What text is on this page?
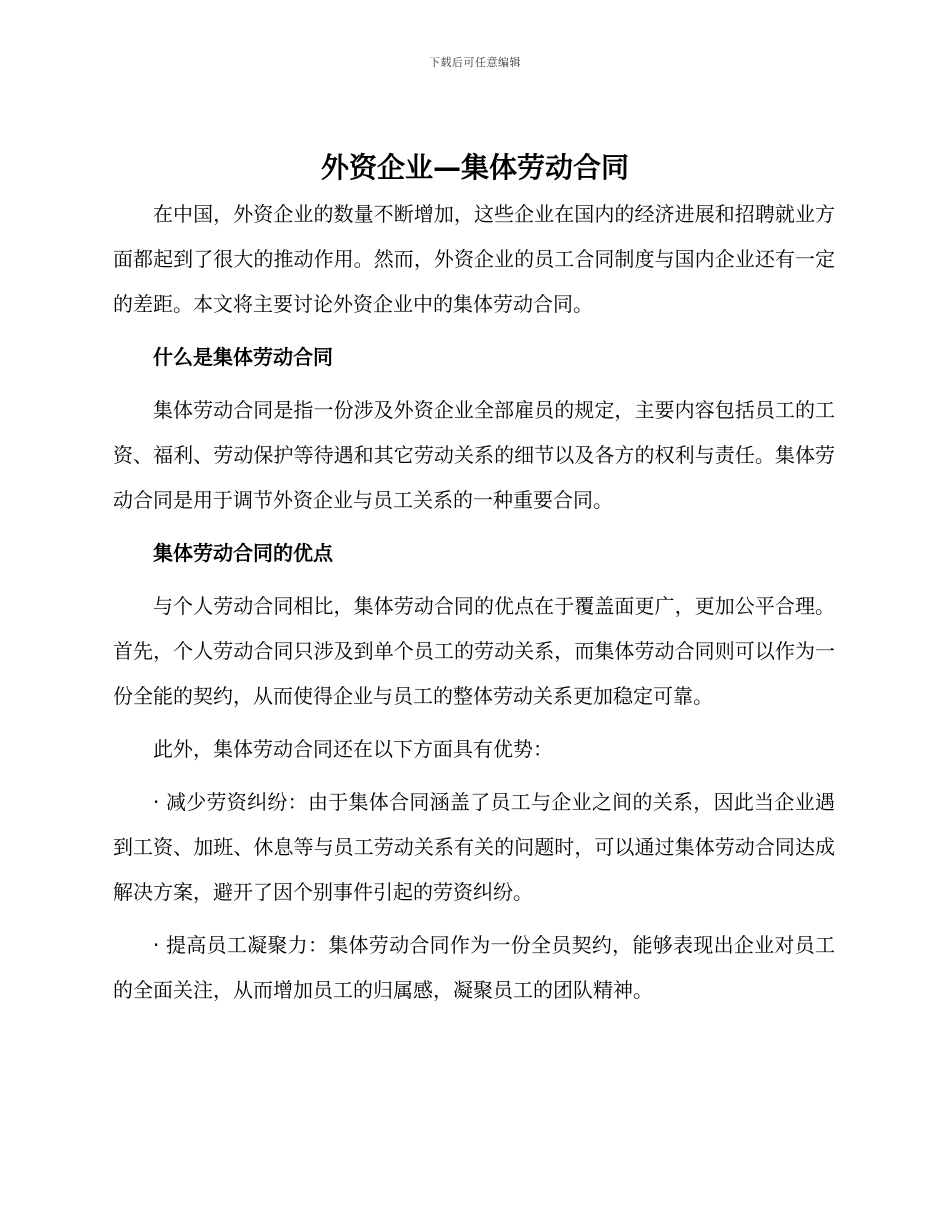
下载后可任意编辑
外资企业—集体劳动合同

在中国，外资企业的数量不断增加，这些企业在国内的经济进展和招聘就业方面都起到了很大的推动作用。然而，外资企业的员工合同制度与国内企业还有一定的差距。本文将主要讨论外资企业中的集体劳动合同。

什么是集体劳动合同

集体劳动合同是指一份涉及外资企业全部雇员的规定，主要内容包括员工的工资、福利、劳动保护等待遇和其它劳动关系的细节以及各方的权利与责任。集体劳动合同是用于调节外资企业与员工关系的一种重要合同。

集体劳动合同的优点

与个人劳动合同相比，集体劳动合同的优点在于覆盖面更广，更加公平合理。首先，个人劳动合同只涉及到单个员工的劳动关系，而集体劳动合同则可以作为一份全能的契约，从而使得企业与员工的整体劳动关系更加稳定可靠。

此外，集体劳动合同还在以下方面具有优势：

· 减少劳资纠纷：由于集体合同涵盖了员工与企业之间的关系，因此当企业遇到工资、加班、休息等与员工劳动关系有关的问题时，可以通过集体劳动合同达成解决方案，避开了因个别事件引起的劳资纠纷。

· 提高员工凝聚力：集体劳动合同作为一份全员契约，能够表现出企业对员工的全面关注，从而增加员工的归属感，凝聚员工的团队精神。
